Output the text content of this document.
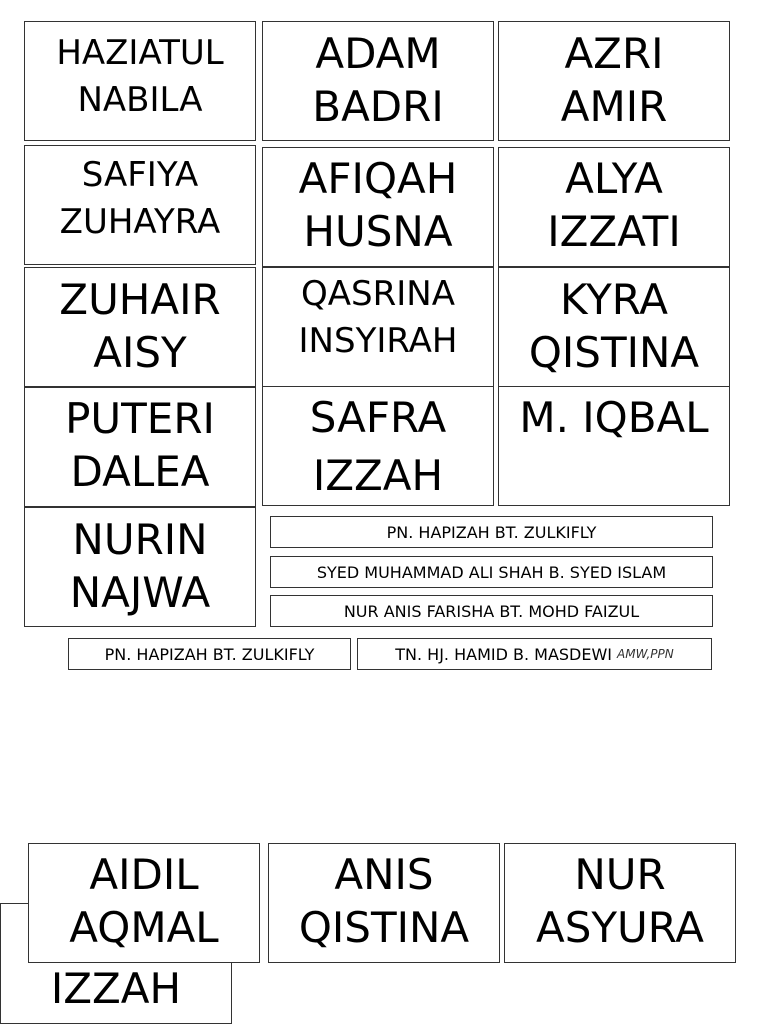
HAZIATUL
NABILA
ADAM
BADRI
AZRI
AMIR
SAFIYA
ZUHAYRA
AFIQAH
HUSNA
ALYA
IZZATI
ZUHAIR
AISY
QASRINA
INSYIRAH
KYRA
QISTINA
PUTERI
DALEA
SAFRA
IZZAH
M. IQBAL
NURIN
NAJWA
PN. HAPIZAH BT. ZULKIFLY
SYED MUHAMMAD ALI SHAH B. SYED ISLAM
NUR ANIS FARISHA BT. MOHD FAIZUL
PN. HAPIZAH BT. ZULKIFLY	TN. HJ. HAMID B. MASDEWI AMW,PPN
IZZAH
AIDIL
AQMAL
ANIS
QISTINA
NUR
ASYURA
